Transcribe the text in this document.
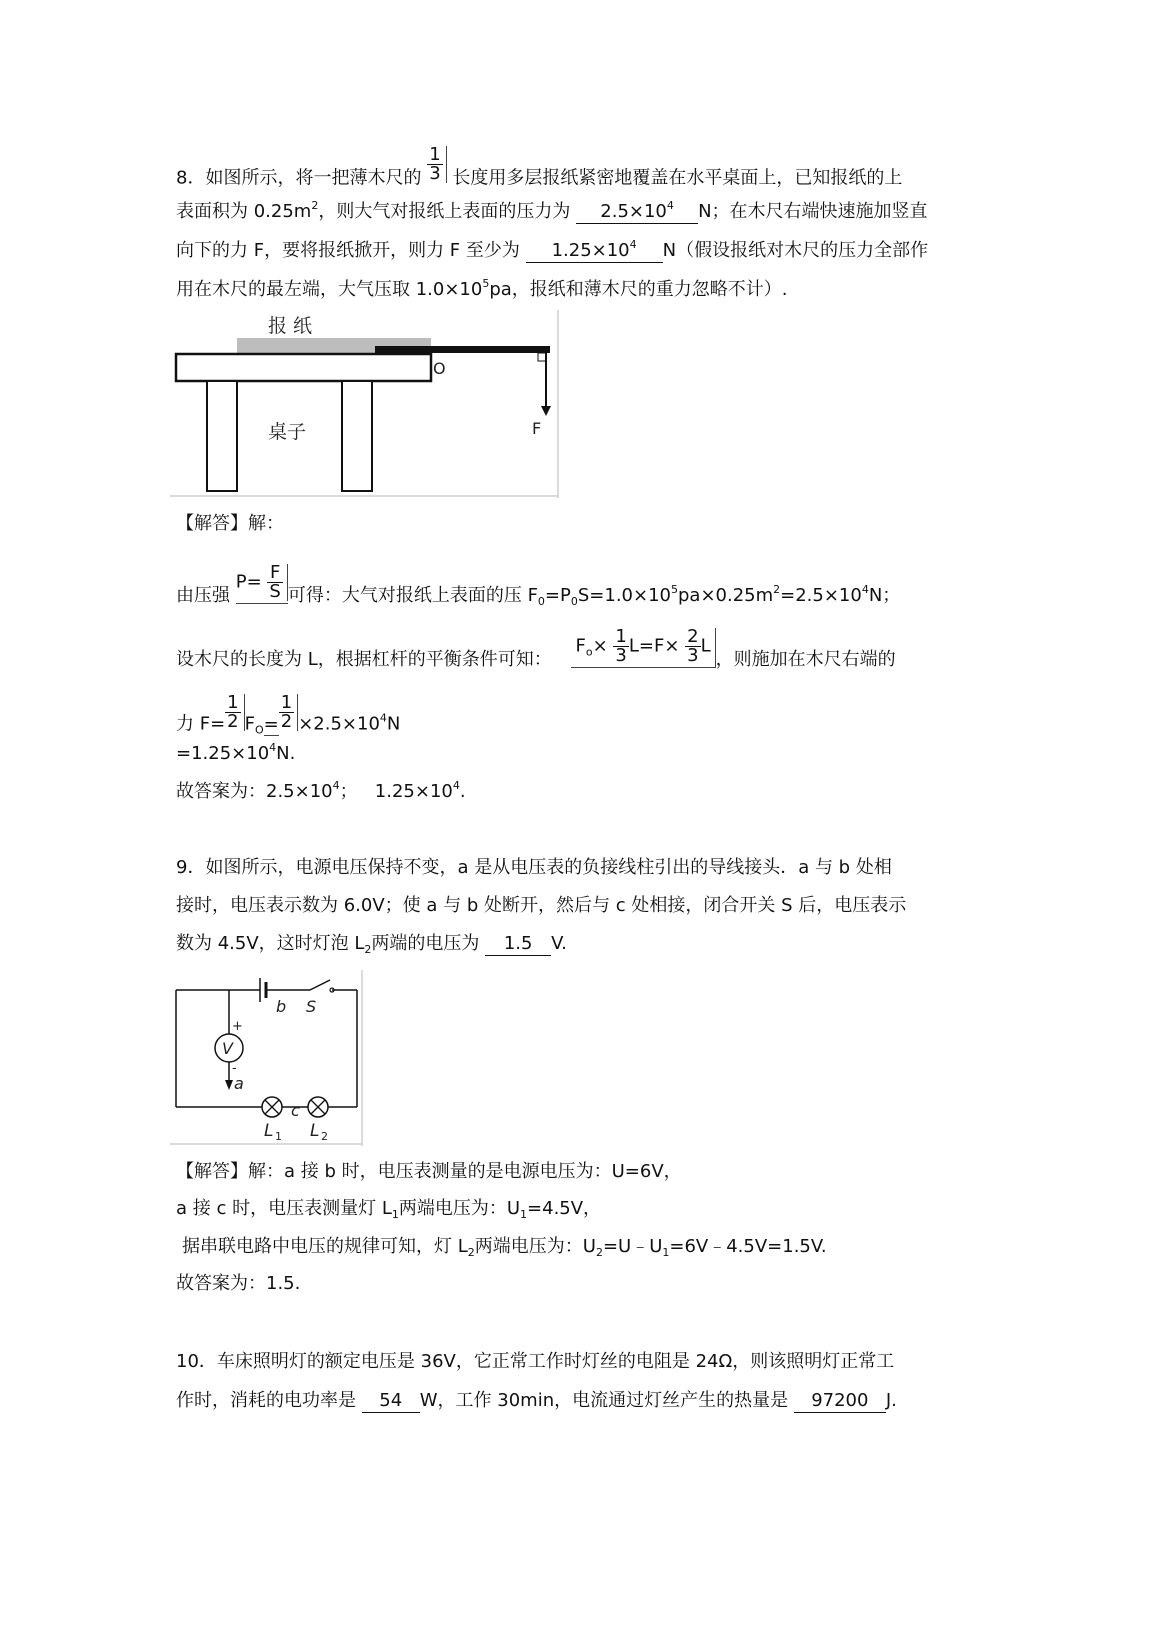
8．如图所示，将一把薄木尺的 $\frac{1}{3}$ 长度用多层报纸紧密地覆盖在水平桌面上，已知报纸的上
表面积为 $0.25m^2$，则大气对报纸上表面的压力为 $2.5\times 10^4$ N；在木尺右端快速施加竖直
向下的力 F，要将报纸掀开，则力 F 至少为 $1.25\times 10^4$ N（假设报纸对木尺的压力全部作
用在木尺的最左端，大气压取 $1.0\times 10^5pa$，报纸和薄木尺的重力忽略不计）.
报 纸
桌子
O
F
【解答】解：
由压强 $P= \frac{F}{S}$ 可得：大气对报纸上表面的压 $F_0=P_0S=1.0\times 10^5pa\times 0.25m^2=2.5\times 10^4N$；
设木尺的长度为 L，根据杠杆的平衡条件可知： $F_o\times \frac{1}{3} L=F\times \frac{2}{3}$ L，则施加在木尺右端的
力 $F= \frac{1}{2} F_O= \frac{1}{2} \times 2.5\times 10^4N$
$=1.25\times 10^4N$.
故答案为：$2.5\times 10^4$；   $1.25\times 10^4$.
9．如图所示，电源电压保持不变，a 是从电压表的负接线柱引出的导线接头．a 与 b 处相
接时，电压表示数为 6.0V；使 a 与 b 处断开，然后与 c 处相接，闭合开关 S 后，电压表示
数为 4.5V，这时灯泡 $L_2$两端的电压为 1.5 V.
b S
V
+
-
a
c
L 1 L 2
【解答】解：a 接 b 时，电压表测量的是电源电压为：U=6V，
a 接 c 时，电压表测量灯 $L_1$两端电压为：$U_1=4.5V$，
据串联电路中电压的规律可知，灯 $L_2$两端电压为：$U_2=U﹣U_1=6V﹣4.5V=1.5V$.
故答案为：1.5.
10．车床照明灯的额定电压是 36V，它正常工作时灯丝的电阻是 24Ω，则该照明灯正常工
作时，消耗的电功率是 54 W，工作 30min，电流通过灯丝产生的热量是 97200 J.
